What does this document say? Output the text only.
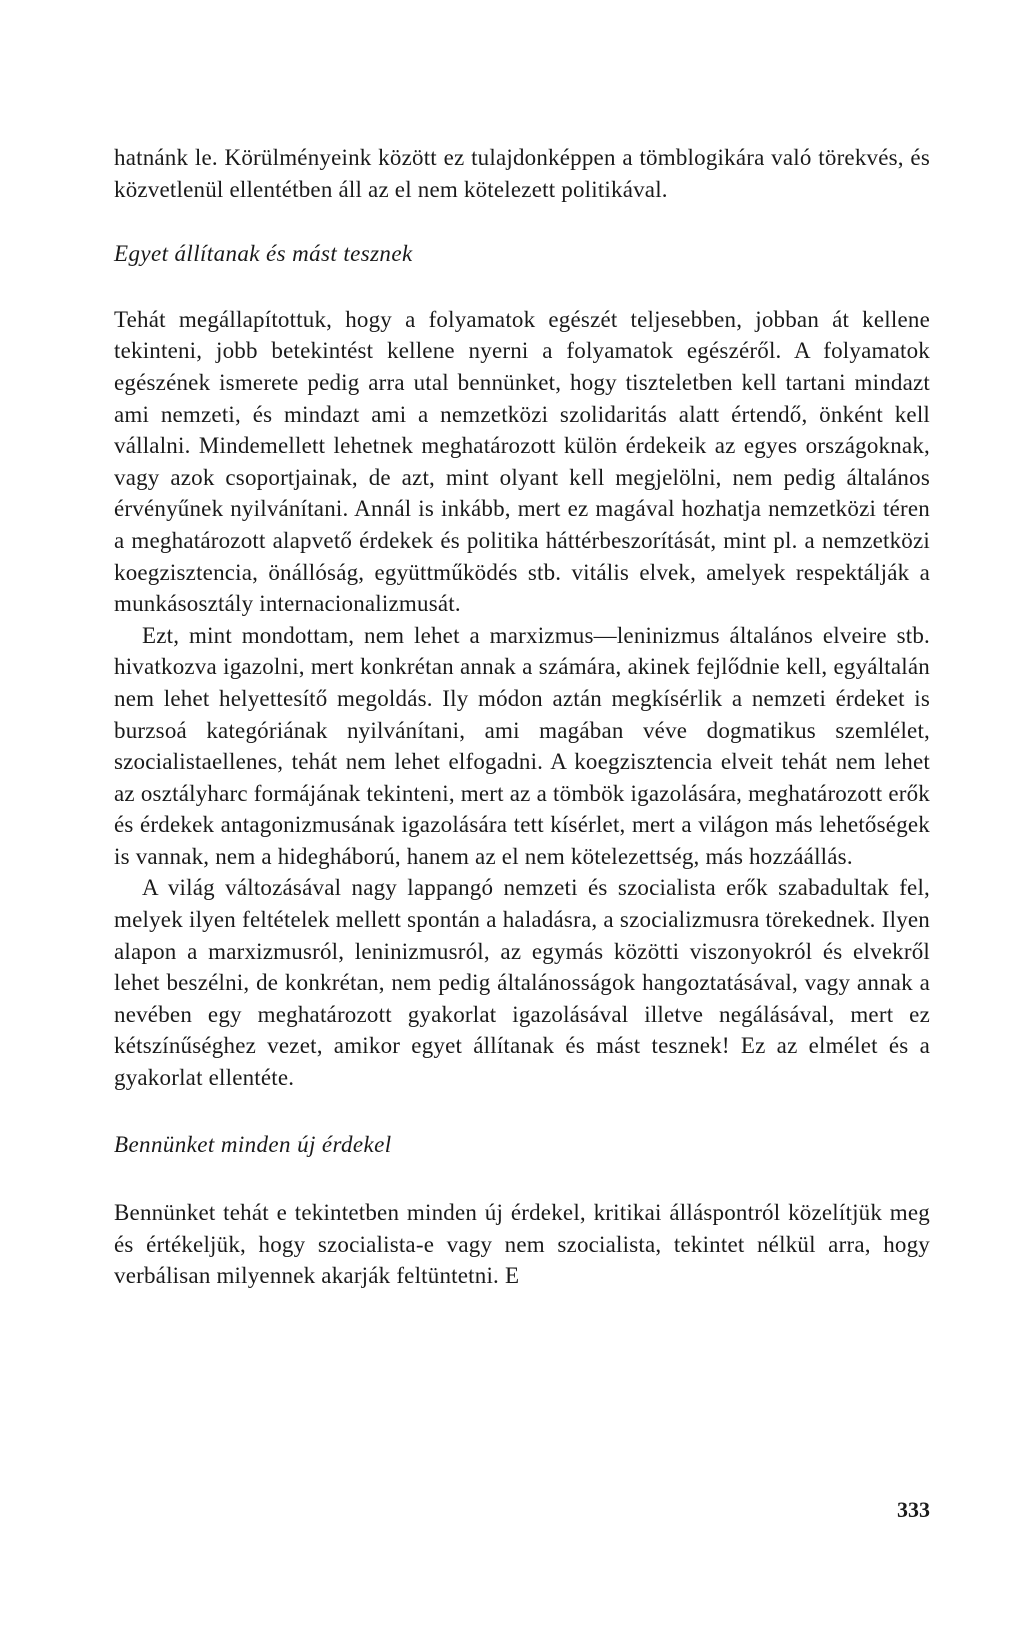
hatnánk le. Körülményeink között ez tulajdonképpen a tömblogikára való törekvés, és közvetlenül ellentétben áll az el nem kötelezett politikával.

Egyet állítanak és mást tesznek

Tehát megállapítottuk, hogy a folyamatok egészét teljesebben, jobban át kellene tekinteni, jobb betekintést kellene nyerni a folyamatok egészéről. A folyamatok egészének ismerete pedig arra utal bennünket, hogy tiszteletben kell tartani mindazt ami nemzeti, és mindazt ami a nemzetközi szolidaritás alatt értendő, önként kell vállalni. Mindemellett lehetnek meghatározott külön érdekeik az egyes országoknak, vagy azok csoportjainak, de azt, mint olyant kell megjelölni, nem pedig általános érvényűnek nyilvánítani. Annál is inkább, mert ez magával hozhatja nemzetközi téren a meghatározott alapvető érdekek és politika háttérbeszorítását, mint pl. a nemzetközi koegzisztencia, önállóság, együttműködés stb. vitális elvek, amelyek respektálják a munkásosztály internacionalizmusát.

Ezt, mint mondottam, nem lehet a marxizmus—leninizmus általános elveire stb. hivatkozva igazolni, mert konkrétan annak a számára, akinek fejlődnie kell, egyáltalán nem lehet helyettesítő megoldás. Ily módon aztán megkísérlik a nemzeti érdeket is burzsoá kategóriának nyilvánítani, ami magában véve dogmatikus szemlélet, szocialistaellenes, tehát nem lehet elfogadni. A koegzisztencia elveit tehát nem lehet az osztályharc formájának tekinteni, mert az a tömbök igazolására, meghatározott erők és érdekek antagonizmusának igazolására tett kísérlet, mert a világon más lehetőségek is vannak, nem a hidegháború, hanem az el nem kötelezettség, más hozzáállás.

A világ változásával nagy lappangó nemzeti és szocialista erők szabadultak fel, melyek ilyen feltételek mellett spontán a haladásra, a szocializmusra törekednek. Ilyen alapon a marxizmusról, leninizmusról, az egymás közötti viszonyokról és elvekről lehet beszélni, de konkrétan, nem pedig általánosságok hangoztatásával, vagy annak a nevében egy meghatározott gyakorlat igazolásával illetve negálásával, mert ez kétszínűséghez vezet, amikor egyet állítanak és mást tesznek! Ez az elmélet és a gyakorlat ellentéte.

Bennünket minden új érdekel

Bennünket tehát e tekintetben minden új érdekel, kritikai álláspontról közelítjük meg és értékeljük, hogy szocialista-e vagy nem szocialista, tekintet nélkül arra, hogy verbálisan milyennek akarják feltüntetni. E

333
